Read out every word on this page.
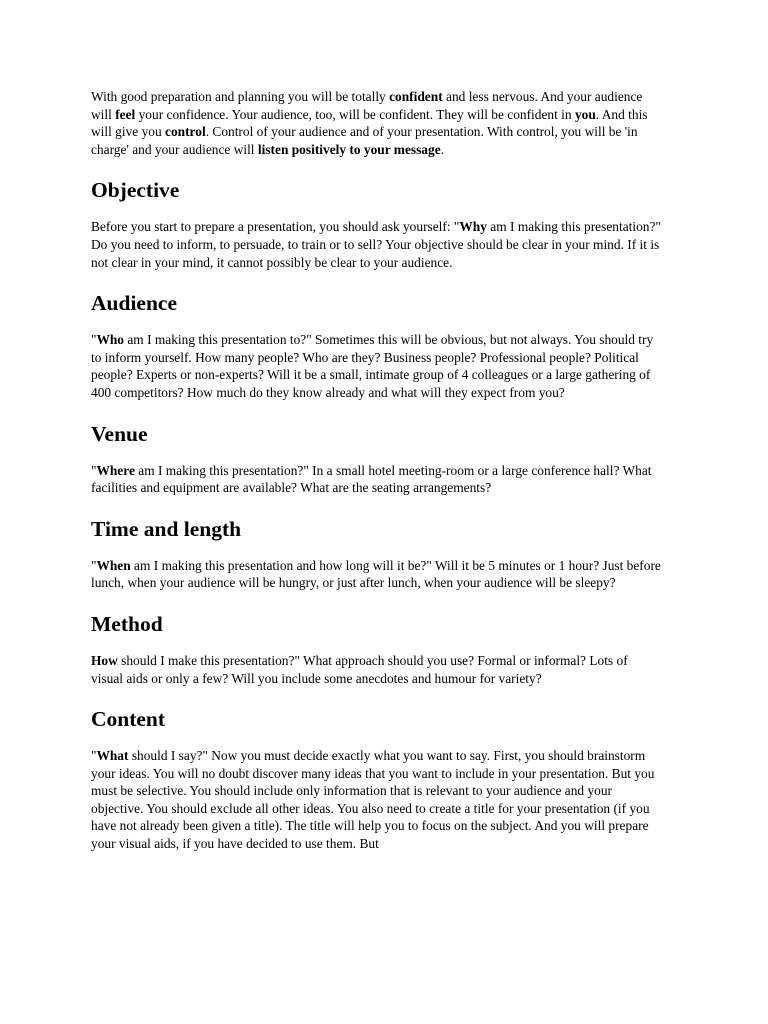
With good preparation and planning you will be totally confident and less nervous. And your audience will feel your confidence. Your audience, too, will be confident. They will be confident in you. And this will give you control. Control of your audience and of your presentation. With control, you will be 'in charge' and your audience will listen positively to your message.

Objective

Before you start to prepare a presentation, you should ask yourself: "Why am I making this presentation?" Do you need to inform, to persuade, to train or to sell? Your objective should be clear in your mind. If it is not clear in your mind, it cannot possibly be clear to your audience.

Audience

"Who am I making this presentation to?" Sometimes this will be obvious, but not always. You should try to inform yourself. How many people? Who are they? Business people? Professional people? Political people? Experts or non-experts? Will it be a small, intimate group of 4 colleagues or a large gathering of 400 competitors? How much do they know already and what will they expect from you?

Venue

"Where am I making this presentation?" In a small hotel meeting-room or a large conference hall? What facilities and equipment are available? What are the seating arrangements?

Time and length

"When am I making this presentation and how long will it be?" Will it be 5 minutes or 1 hour? Just before lunch, when your audience will be hungry, or just after lunch, when your audience will be sleepy?

Method

How should I make this presentation?" What approach should you use? Formal or informal? Lots of visual aids or only a few? Will you include some anecdotes and humour for variety?

Content

"What should I say?" Now you must decide exactly what you want to say. First, you should brainstorm your ideas. You will no doubt discover many ideas that you want to include in your presentation. But you must be selective. You should include only information that is relevant to your audience and your objective. You should exclude all other ideas. You also need to create a title for your presentation (if you have not already been given a title). The title will help you to focus on the subject. And you will prepare your visual aids, if you have decided to use them. But
